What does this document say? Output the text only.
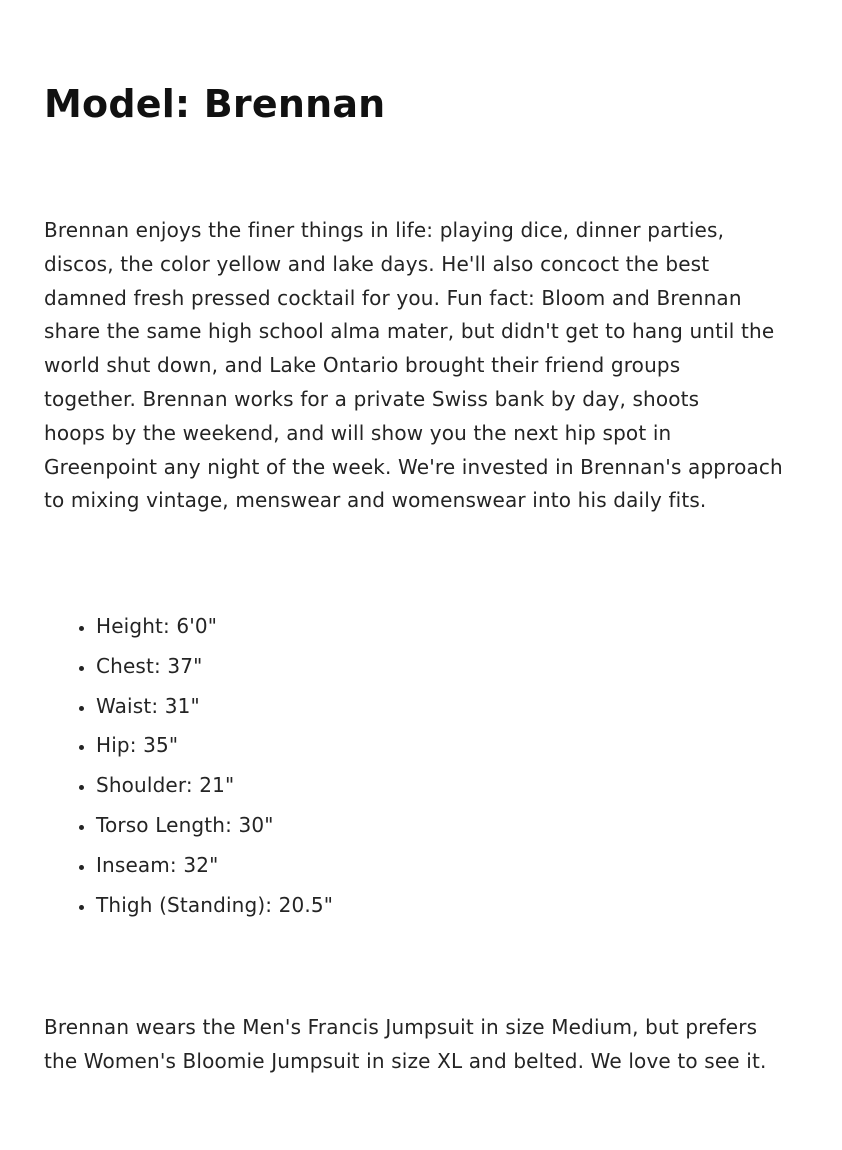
Model: Brennan

Brennan enjoys the finer things in life: playing dice, dinner parties,
discos, the color yellow and lake days. He'll also concoct the best
damned fresh pressed cocktail for you. Fun fact: Bloom and Brennan
share the same high school alma mater, but didn't get to hang until the
world shut down, and Lake Ontario brought their friend groups
together. Brennan works for a private Swiss bank by day, shoots
hoops by the weekend, and will show you the next hip spot in
Greenpoint any night of the week. We're invested in Brennan's approach
to mixing vintage, menswear and womenswear into his daily fits.

• Height: 6'0"
• Chest: 37"
• Waist: 31"
• Hip: 35"
• Shoulder: 21"
• Torso Length: 30"
• Inseam: 32"
• Thigh (Standing): 20.5"

Brennan wears the Men's Francis Jumpsuit in size Medium, but prefers
the Women's Bloomie Jumpsuit in size XL and belted. We love to see it.
